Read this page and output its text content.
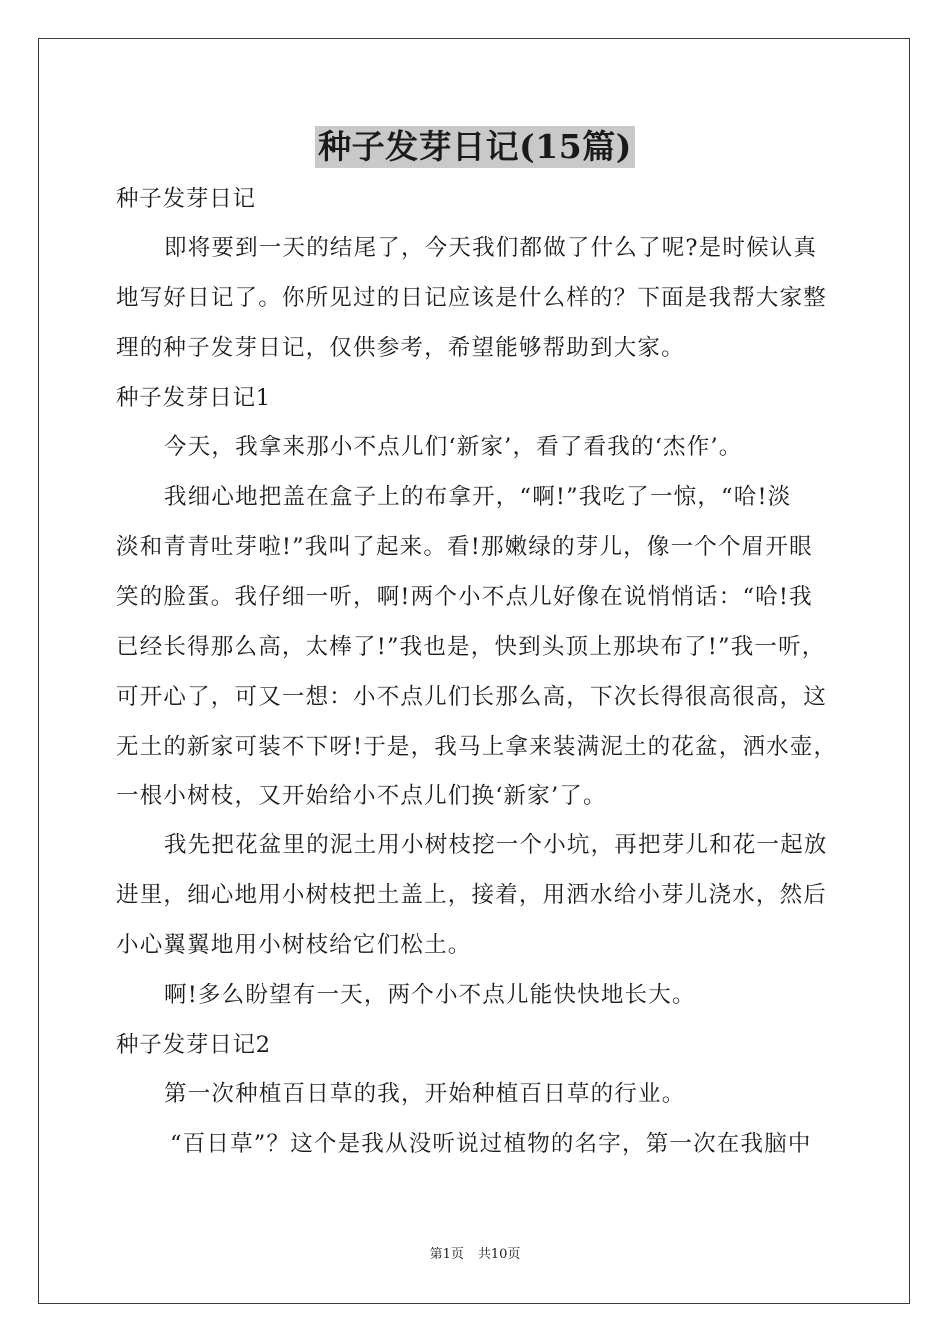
种子发芽日记(15篇)
种子发芽日记
即将要到一天的结尾了，今天我们都做了什么了呢?是时候认真
地写好日记了。你所见过的日记应该是什么样的？下面是我帮大家整
理的种子发芽日记，仅供参考，希望能够帮助到大家。
种子发芽日记1
今天，我拿来那小不点儿们‘新家’，看了看我的‘杰作’。
我细心地把盖在盒子上的布拿开，“啊!”我吃了一惊，“哈!淡
淡和青青吐芽啦!”我叫了起来。看!那嫩绿的芽儿，像一个个眉开眼
笑的脸蛋。我仔细一听，啊!两个小不点儿好像在说悄悄话：“哈!我
已经长得那么高，太棒了!”我也是，快到头顶上那块布了!”我一听，
可开心了，可又一想：小不点儿们长那么高，下次长得很高很高，这
无土的新家可装不下呀!于是，我马上拿来装满泥土的花盆，洒水壶，
一根小树枝，又开始给小不点儿们换‘新家’了。
我先把花盆里的泥土用小树枝挖一个小坑，再把芽儿和花一起放
进里，细心地用小树枝把土盖上，接着，用洒水给小芽儿浇水，然后
小心翼翼地用小树枝给它们松土。
啊!多么盼望有一天，两个小不点儿能快快地长大。
种子发芽日记2
第一次种植百日草的我，开始种植百日草的行业。
“百日草”？这个是我从没听说过植物的名字，第一次在我脑中
第1页 共10页
